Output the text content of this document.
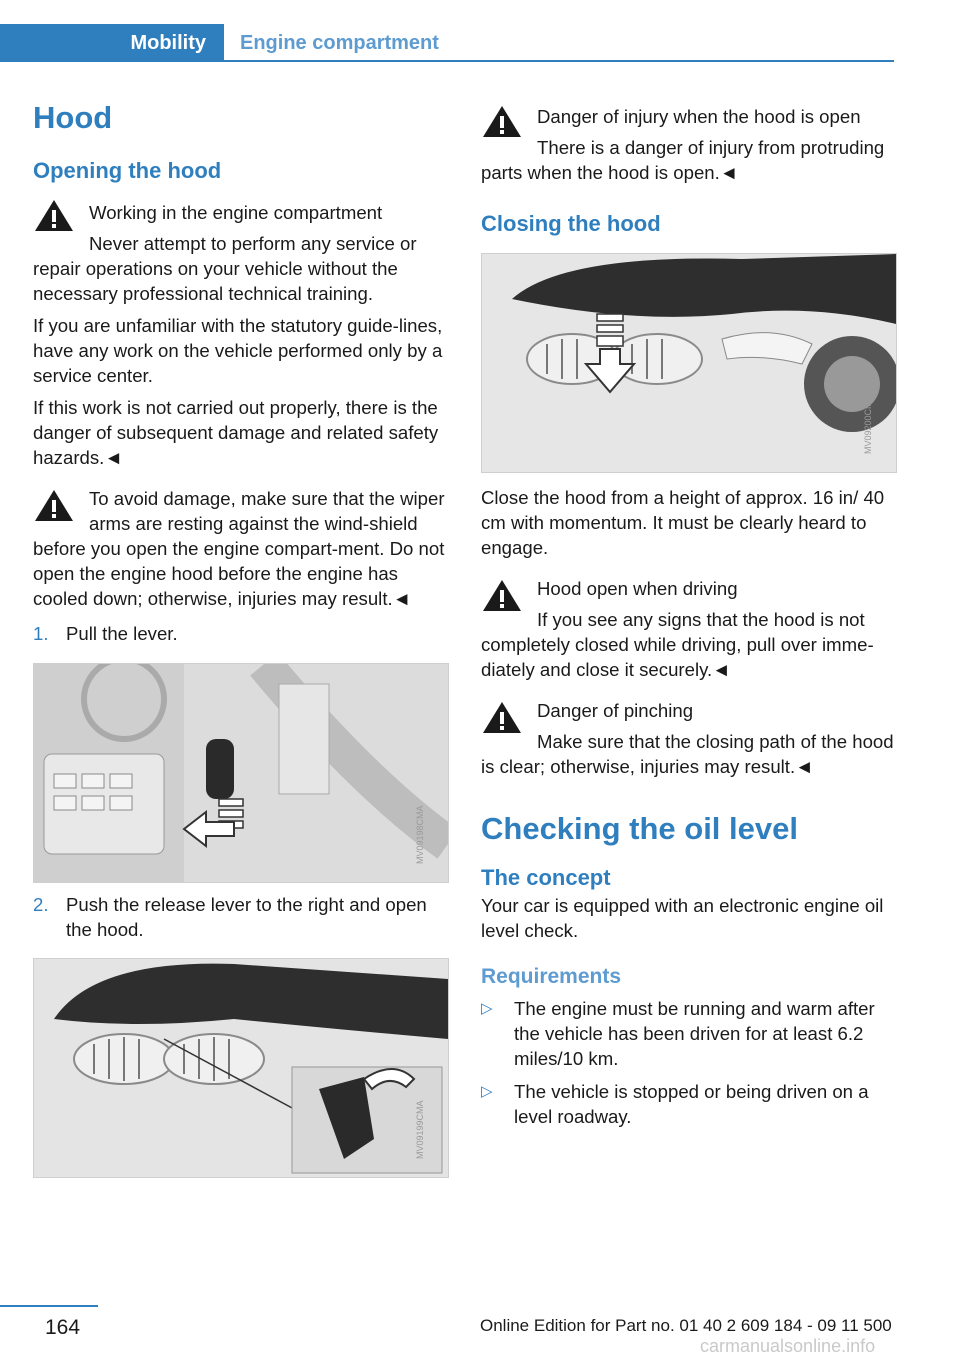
Mobility Engine compartment
Hood
Opening the hood

Working in the engine compartment

Never attempt to perform any service or repair operations on your vehicle without the necessary professional technical training.

If you are unfamiliar with the statutory guide-lines, have any work on the vehicle performed only by a service center.

If this work is not carried out properly, there is the danger of subsequent damage and related safety hazards.◄

To avoid damage, make sure that the wiper arms are resting against the wind-shield before you open the engine compart-ment. Do not open the engine hood before the engine has cooled down; otherwise, injuries may result.◄

1. Pull the lever.
MV09198CMA
2. Push the release lever to the right and open the hood.
MV09199CMA

Danger of injury when the hood is open

There is a danger of injury from protruding parts when the hood is open.◄

Closing the hood
MV09200CMA

Close the hood from a height of approx. 16 in/ 40 cm with momentum. It must be clearly heard to engage.

Hood open when driving

If you see any signs that the hood is not completely closed while driving, pull over imme-diately and close it securely.◄

Danger of pinching

Make sure that the closing path of the hood is clear; otherwise, injuries may result.◄

Checking the oil level
The concept

Your car is equipped with an electronic engine oil level check.

Requirements
▷ The engine must be running and warm after the vehicle has been driven for at least 6.2 miles/10 km.
▷ The vehicle is stopped or being driven on a level roadway.
164	Online Edition for Part no. 01 40 2 609 184 - 09 11 500
carmanualsonline.info
